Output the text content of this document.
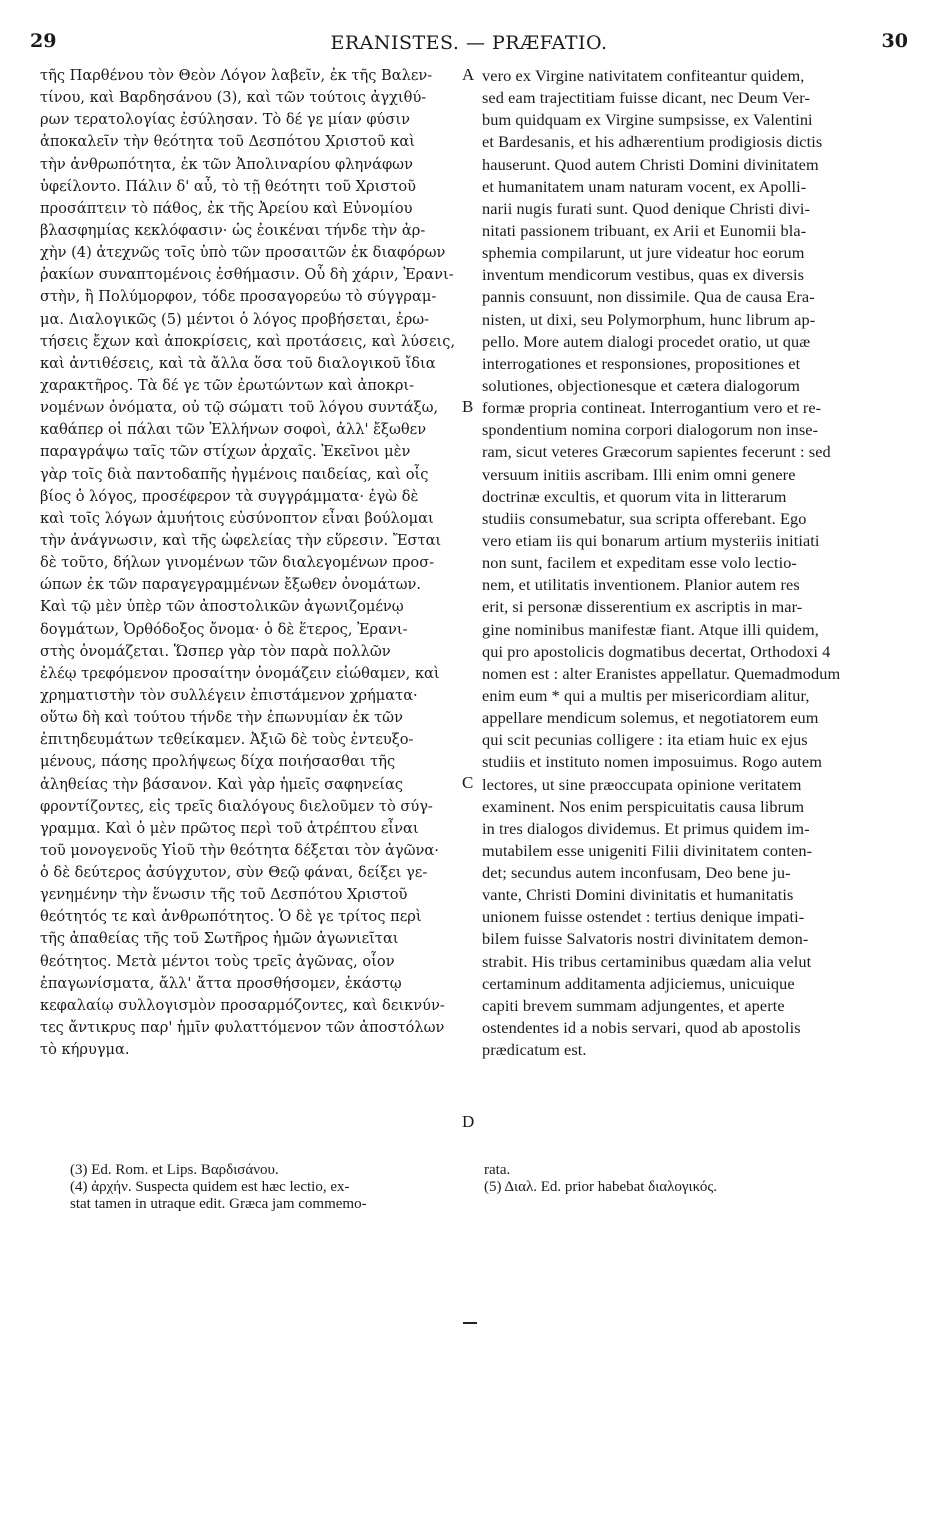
29	ERANISTES. — PRÆFATIO.	30
τῆς Παρθένου τὸν Θεὸν Λόγον λαβεῖν, ἐκ τῆς Βαλεν-
τίνου, καὶ Βαρδησάνου (3), καὶ τῶν τούτοις ἀγχιθύ-
ρων τερατολογίας ἐσύλησαν. Τὸ δέ γε μίαν φύσιν
ἀποκαλεῖν τὴν θεότητα τοῦ Δεσπότου Χριστοῦ καὶ
τὴν ἀνθρωπότητα, ἐκ τῶν Ἀπολιναρίου φληνάφων
ὑφείλοντο. Πάλιν δ' αὖ, τὸ τῇ θεότητι τοῦ Χριστοῦ
προσάπτειν τὸ πάθος, ἐκ τῆς Ἀρείου καὶ Εὐνομίου
βλασφημίας κεκλόφασιν· ὡς ἐοικέναι τήνδε τὴν ἀρ-
χὴν (4) ἀτεχνῶς τοῖς ὑπὸ τῶν προσαιτῶν ἐκ διαφόρων
ῥακίων συναπτομένοις ἐσθήμασιν. Οὗ δὴ χάριν, Ἐρανι-
στὴν, ἢ Πολύμορφον, τόδε προσαγορεύω τὸ σύγγραμ-
μα. Διαλογικῶς (5) μέντοι ὁ λόγος προβήσεται, ἐρω-
τήσεις ἔχων καὶ ἀποκρίσεις, καὶ προτάσεις, καὶ λύσεις,
καὶ ἀντιθέσεις, καὶ τὰ ἄλλα ὅσα τοῦ διαλογικοῦ ἴδια
χαρακτῆρος. Τὰ δέ γε τῶν ἐρωτώντων καὶ ἀποκρι-
νομένων ὀνόματα, οὐ τῷ σώματι τοῦ λόγου συντάξω,
καθάπερ οἱ πάλαι τῶν Ἑλλήνων σοφοὶ, ἀλλ' ἔξωθεν
παραγράψω ταῖς τῶν στίχων ἀρχαῖς. Ἐκεῖνοι μὲν
γὰρ τοῖς διὰ παντοδαπῆς ἠγμένοις παιδείας, καὶ οἷς
βίος ὁ λόγος, προσέφερον τὰ συγγράμματα· ἐγὼ δὲ
καὶ τοῖς λόγων ἀμυήτοις εὐσύνοπτον εἶναι βούλομαι
τὴν ἀνάγνωσιν, καὶ τῆς ὠφελείας τὴν εὕρεσιν. Ἔσται
δὲ τοῦτο, δήλων γινομένων τῶν διαλεγομένων προσ-
ώπων ἐκ τῶν παραγεγραμμένων ἔξωθεν ὀνομάτων.
Καὶ τῷ μὲν ὑπὲρ τῶν ἀποστολικῶν ἀγωνιζομένῳ
δογμάτων, Ὀρθόδοξος ὄνομα· ὁ δὲ ἕτερος, Ἐρανι-
στὴς ὀνομάζεται. Ὥσπερ γὰρ τὸν παρὰ πολλῶν
ἐλέῳ τρεφόμενον προσαίτην ὀνομάζειν εἰώθαμεν, καὶ
χρηματιστὴν τὸν συλλέγειν ἐπιστάμενον χρήματα·
οὕτω δὴ καὶ τούτου τήνδε τὴν ἐπωνυμίαν ἐκ τῶν
ἐπιτηδευμάτων τεθείκαμεν. Ἀξιῶ δὲ τοὺς ἐντευξο-
μένους, πάσης προλήψεως δίχα ποιήσασθαι τῆς
ἀληθείας τὴν βάσανον. Καὶ γὰρ ἡμεῖς σαφηνείας
φροντίζοντες, εἰς τρεῖς διαλόγους διελοῦμεν τὸ σύγ-
γραμμα. Καὶ ὁ μὲν πρῶτος περὶ τοῦ ἀτρέπτου εἶναι
τοῦ μονογενοῦς Υἱοῦ τὴν θεότητα δέξεται τὸν ἀγῶνα·
ὁ δὲ δεύτερος ἀσύγχυτον, σὺν Θεῷ φάναι, δείξει γε-
γενημένην τὴν ἕνωσιν τῆς τοῦ Δεσπότου Χριστοῦ
θεότητός τε καὶ ἀνθρωπότητος. Ὁ δὲ γε τρίτος περὶ
τῆς ἀπαθείας τῆς τοῦ Σωτῆρος ἡμῶν ἀγωνιεῖται
θεότητος. Μετὰ μέντοι τοὺς τρεῖς ἀγῶνας, οἷον
ἐπαγωνίσματα, ἄλλ' ἄττα προσθήσομεν, ἑκάστῳ
κεφαλαίῳ συλλογισμὸν προσαρμόζοντες, καὶ δεικνύν-
τες ἄντικρυς παρ' ἡμῖν φυλαττόμενον τῶν ἀποστόλων
τὸ κήρυγμα.
vero ex Virgine nativitatem confiteantur quidem,
sed eam trajectitiam fuisse dicant, nec Deum Ver-
bum quidquam ex Virgine sumpsisse, ex Valentini
et Bardesanis, et his adhærentium prodigiosis dictis
hauserunt. Quod autem Christi Domini divinitatem
et humanitatem unam naturam vocent, ex Apolli-
narii nugis furati sunt. Quod denique Christi divi-
nitati passionem tribuant, ex Arii et Eunomii bla-
sphemia compilarunt, ut jure videatur hoc eorum
inventum mendicorum vestibus, quas ex diversis
pannis consuunt, non dissimile. Qua de causa Era-
nisten, ut dixi, seu Polymorphum, hunc librum ap-
pello. More autem dialogi procedet oratio, ut quæ
interrogationes et responsiones, propositiones et
solutiones, objectionesque et cætera dialogorum
formæ propria contineat. Interrogantium vero et re-
spondentium nomina corpori dialogorum non inse-
ram, sicut veteres Græcorum sapientes fecerunt : sed
versuum initiis ascribam. Illi enim omni genere
doctrinæ excultis, et quorum vita in litterarum
studiis consumebatur, sua scripta offerebant. Ego
vero etiam iis qui bonarum artium mysteriis initiati
non sunt, facilem et expeditam esse volo lectio-
nem, et utilitatis inventionem. Planior autem res
erit, si personæ disserentium ex ascriptis in mar-
gine nominibus manifestæ fiant. Atque illi quidem,
qui pro apostolicis dogmatibus decertat, Orthodoxi 4
nomen est : alter Eranistes appellatur. Quemadmodum
enim eum * qui a multis per misericordiam alitur,
appellare mendicum solemus, et negotiatorem eum
qui scit pecunias colligere : ita etiam huic ex ejus
studiis et instituto nomen imposuimus. Rogo autem
lectores, ut sine præoccupata opinione veritatem
examinent. Nos enim perspicuitatis causa librum
in tres dialogos dividemus. Et primus quidem im-
mutabilem esse unigeniti Filii divinitatem conten-
det; secundus autem inconfusam, Deo bene ju-
vante, Christi Domini divinitatis et humanitatis
unionem fuisse ostendet : tertius denique impati-
bilem fuisse Salvatoris nostri divinitatem demon-
strabit. His tribus certaminibus quædam alia velut
certaminum additamenta adjiciemus, unicuique
capiti brevem summam adjungentes, et aperte
ostendentes id a nobis servari, quod ab apostolis
prædicatum est.
A
B
C
D
(3) Ed. Rom. et Lips. Βαρδισάνου.
(4) ἀρχήν. Suspecta quidem est hæc lectio, ex-
stat tamen in utraque edit. Græca jam commemo-
rata.
(5) Διαλ. Ed. prior habebat διαλογικός.
